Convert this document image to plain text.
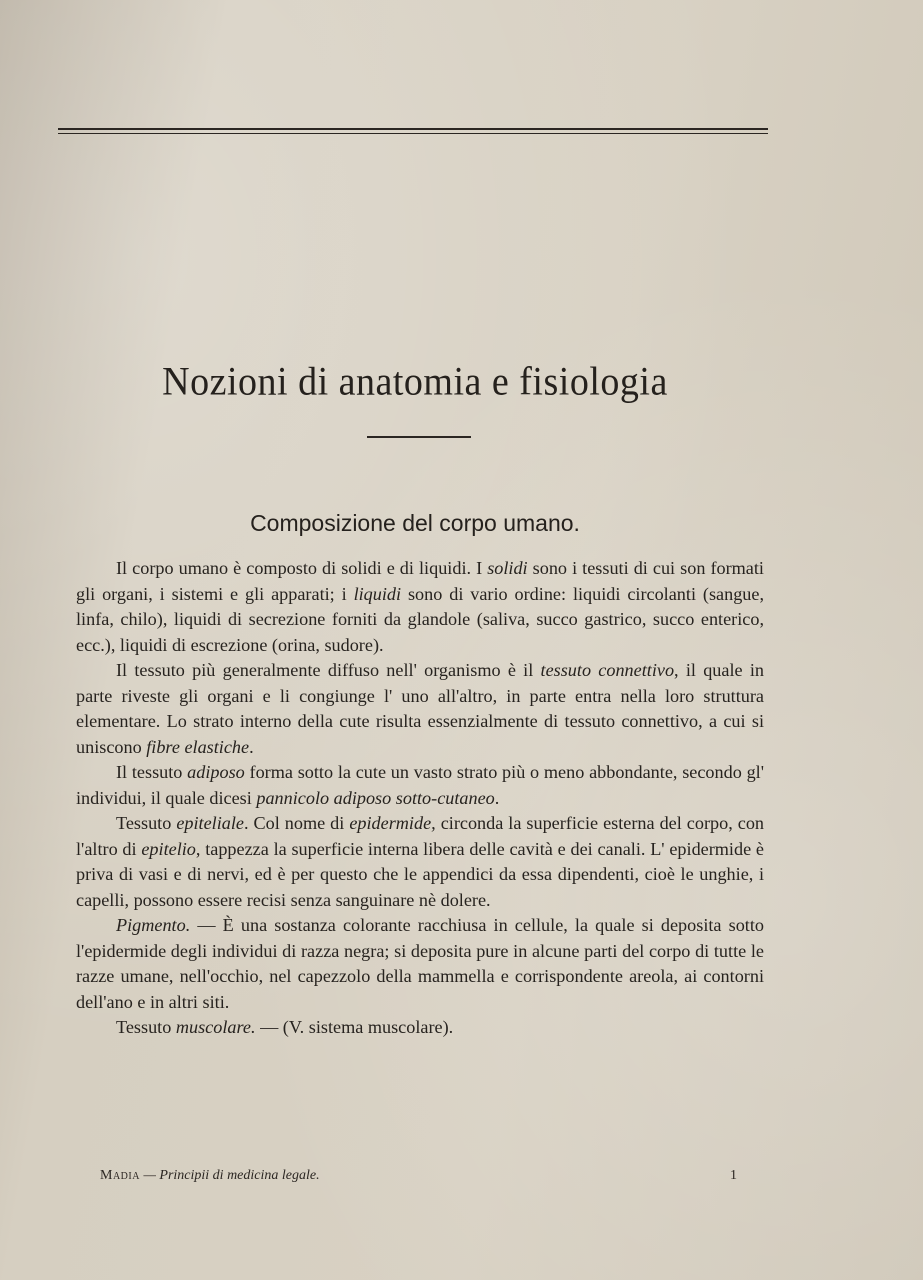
Nozioni di anatomia e fisiologia
Composizione del corpo umano.

Il corpo umano è composto di solidi e di liquidi. I solidi sono i tessuti di cui son formati gli organi, i sistemi e gli apparati; i liquidi sono di vario ordine: liquidi circolanti (sangue, linfa, chilo), liquidi di secrezione forniti da glandole (saliva, succo gastrico, succo enterico, ecc.), liquidi di escrezione (orina, sudore).

Il tessuto più generalmente diffuso nell' organismo è il tessuto connettivo, il quale in parte riveste gli organi e li congiunge l' uno all'altro, in parte entra nella loro struttura elementare. Lo strato interno della cute risulta essenzialmente di tessuto connettivo, a cui si uniscono fibre elastiche.

Il tessuto adiposo forma sotto la cute un vasto strato più o meno abbondante, secondo gl' individui, il quale dicesi pannicolo adiposo sotto-cutaneo.

Tessuto epiteliale. Col nome di epidermide, circonda la superficie esterna del corpo, con l'altro di epitelio, tappezza la superficie interna libera delle cavità e dei canali. L' epidermide è priva di vasi e di nervi, ed è per questo che le appendici da essa dipendenti, cioè le unghie, i capelli, possono essere recisi senza sanguinare nè dolere.

Pigmento. — È una sostanza colorante racchiusa in cellule, la quale si deposita sotto l'epidermide degli individui di razza negra; si deposita pure in alcune parti del corpo di tutte le razze umane, nell'occhio, nel capezzolo della mammella e corrispondente areola, ai contorni dell'ano e in altri siti.

Tessuto muscolare. — (V. sistema muscolare).

Madia — Principii di medicina legale.	1
